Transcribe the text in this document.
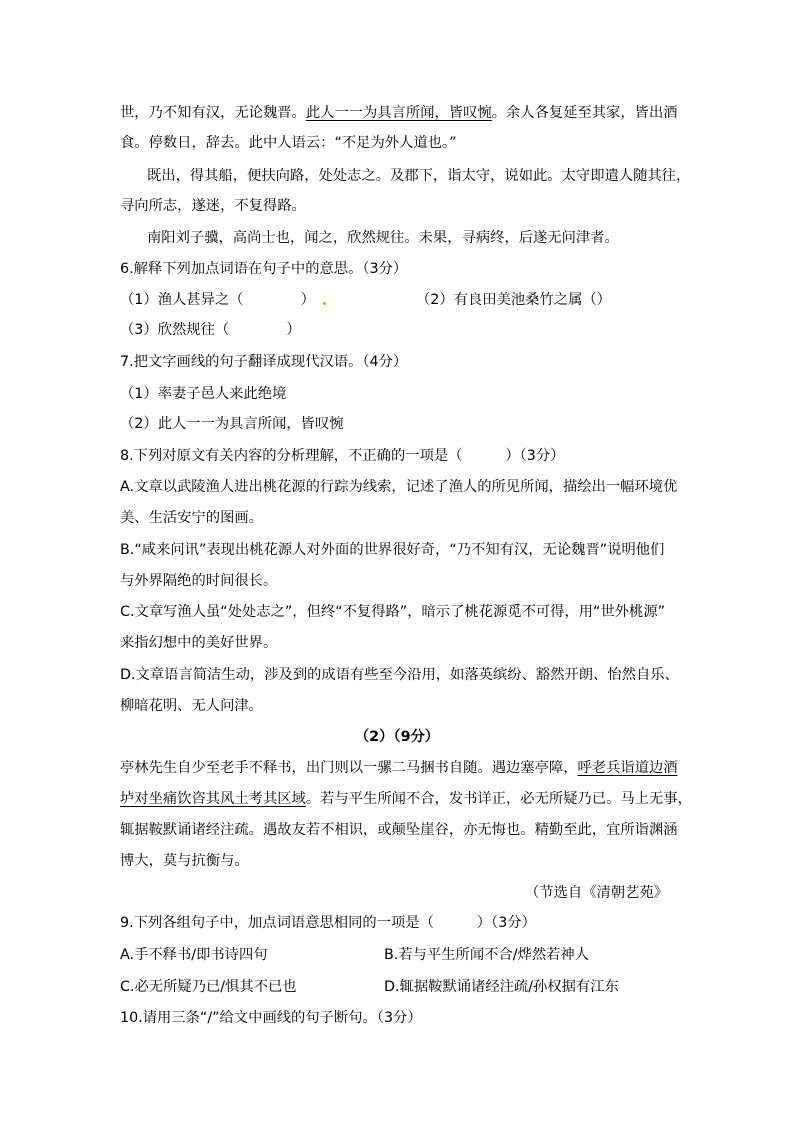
世，乃不知有汉，无论魏晋。此人一一为具言所闻，皆叹惋。余人各复延至其家，皆出酒
食。停数日，辞去。此中人语云：“不足为外人道也。”
既出，得其船，便扶向路，处处志之。及郡下，诣太守，说如此。太守即遣人随其往，
寻向所志，遂迷，不复得路。
南阳刘子骥，高尚士也，闻之，欣然规往。未果，寻病终，后遂无问津者。
6.解释下列加点词语在句子中的意思。（3分）
（1）渔人甚异之（　　　　）	（2）有良田美池桑竹之属（）
（3）欣然规往（　　　　）
7.把文字画线的句子翻译成现代汉语。（4分）
（1）率妻子邑人来此绝境
（2）此人一一为具言所闻，皆叹惋
8.下列对原文有关内容的分析理解，不正确的一项是（　　　）（3分）
A.文章以武陵渔人进出桃花源的行踪为线索，记述了渔人的所见所闻，描绘出一幅环境优
美、生活安宁的图画。
B.“咸来问讯”表现出桃花源人对外面的世界很好奇，“乃不知有汉，无论魏晋”说明他们
与外界隔绝的时间很长。
C.文章写渔人虽“处处志之”，但终“不复得路”，暗示了桃花源觅不可得，用“世外桃源”
来指幻想中的美好世界。
D.文章语言简洁生动，涉及到的成语有些至今沿用，如落英缤纷、豁然开朗、怡然自乐、
柳暗花明、无人问津。
（2）（9分）
亭林先生自少至老手不释书，出门则以一骡二马捆书自随。遇边塞亭障，呼老兵诣道边酒
垆对坐痛饮咨其风土考其区域。若与平生所闻不合，发书详正，必无所疑乃已。马上无事，
辄据鞍默诵诸经注疏。遇故友若不相识，或颠坠崖谷，亦无悔也。精勤至此，宜所诣渊涵
博大，莫与抗衡与。
（节选自《清朝艺苑》
9.下列各组句子中，加点词语意思相同的一项是（　　　）（3分）
A.手不释书/即书诗四句	B.若与平生所闻不合/烨然若神人
C.必无所疑乃已/惧其不已也	D.辄据鞍默诵诸经注疏/孙权据有江东
10.请用三条“/”给文中画线的句子断句。（3分）
